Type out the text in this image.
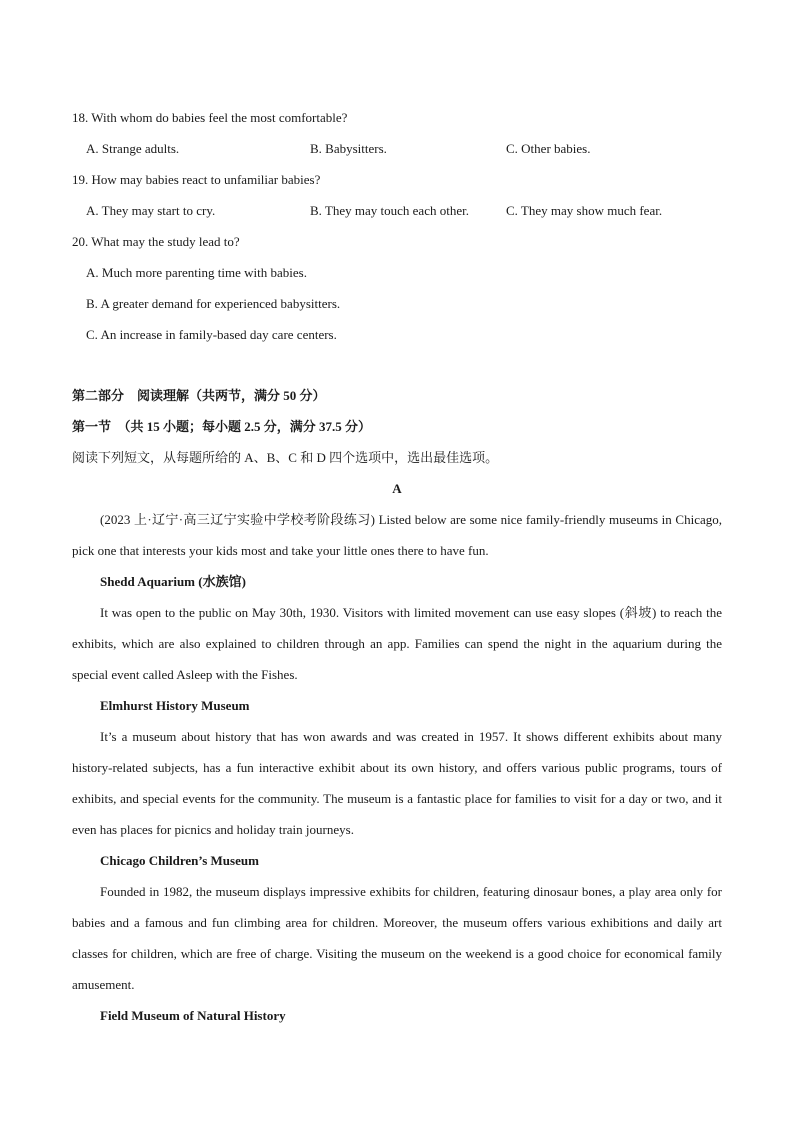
18. With whom do babies feel the most comfortable?
A. Strange adults.	B. Babysitters.	C. Other babies.
19. How may babies react to unfamiliar babies?
A. They may start to cry.	B. They may touch each other.	C. They may show much fear.
20. What may the study lead to?
A. Much more parenting time with babies.
B. A greater demand for experienced babysitters.
C. An increase in family-based day care centers.
第二部分　阅读理解（共两节，满分 50 分）
第一节　（共 15 小题；每小题 2.5 分，满分 37.5 分）
阅读下列短文，从每题所给的 A、B、C 和 D 四个选项中，选出最佳选项。
A

(2023 上·辽宁·高三辽宁实验中学校考阶段练习) Listed below are some nice family-friendly museums in Chicago, pick one that interests your kids most and take your little ones there to have fun.

Shedd Aquarium (水族馆)

It was open to the public on May 30th, 1930. Visitors with limited movement can use easy slopes (斜坡) to reach the exhibits, which are also explained to children through an app. Families can spend the night in the aquarium during the special event called Asleep with the Fishes.

Elmhurst History Museum

It’s a museum about history that has won awards and was created in 1957. It shows different exhibits about many history-related subjects, has a fun interactive exhibit about its own history, and offers various public programs, tours of exhibits, and special events for the community. The museum is a fantastic place for families to visit for a day or two, and it even has places for picnics and holiday train journeys.

Chicago Children’s Museum

Founded in 1982, the museum displays impressive exhibits for children, featuring dinosaur bones, a play area only for babies and a famous and fun climbing area for children. Moreover, the museum offers various exhibitions and daily art classes for children, which are free of charge. Visiting the museum on the weekend is a good choice for economical family amusement.

Field Museum of Natural History
